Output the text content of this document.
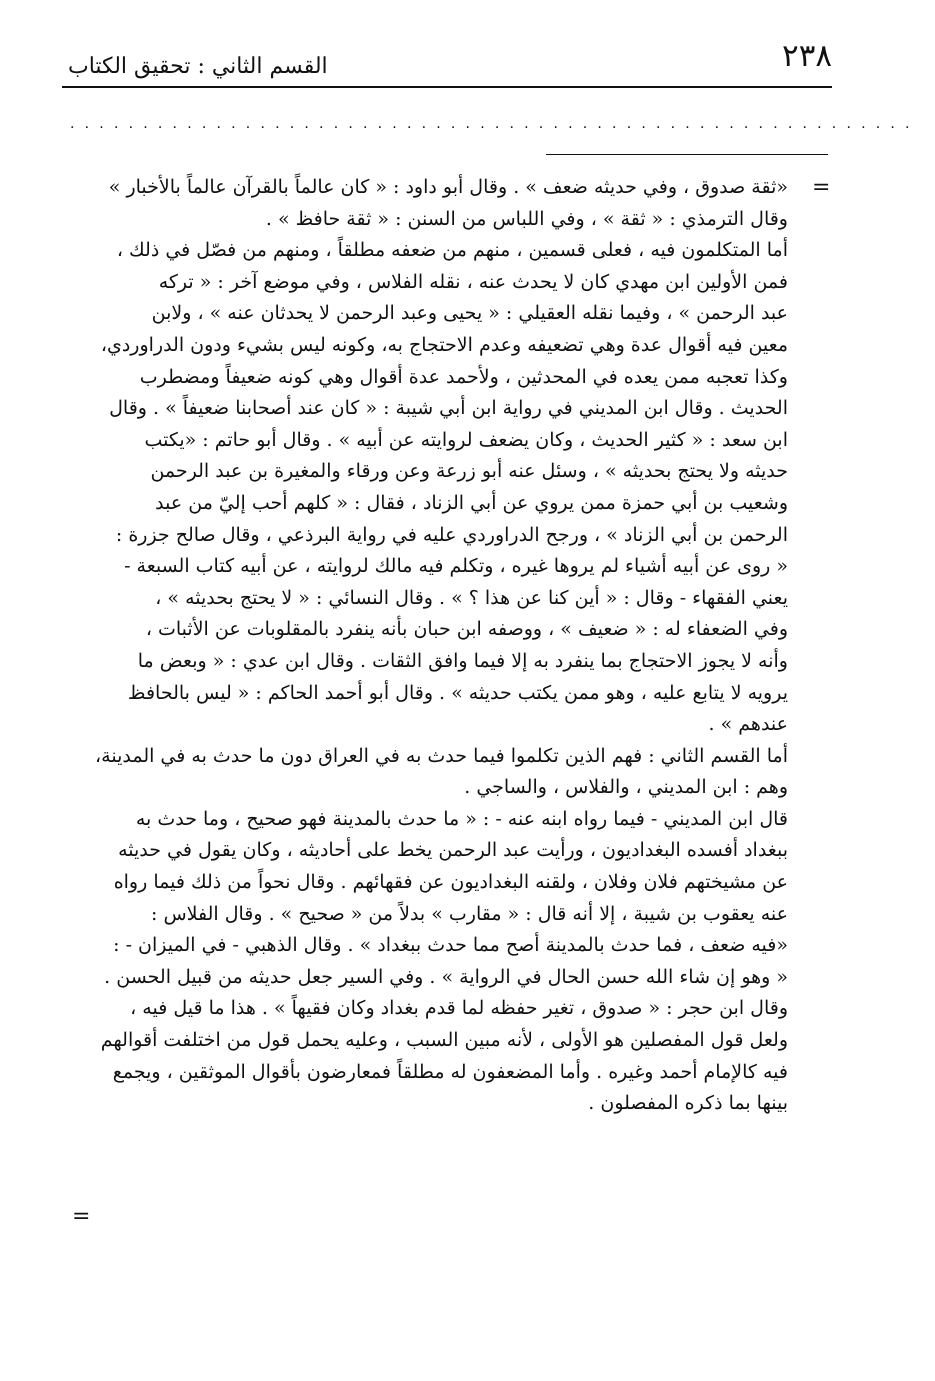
٢٣٨
القسم الثاني : تحقيق الكتاب
..........................................................
=
«ثقة صدوق ، وفي حديثه ضعف » . وقال أبو داود : « كان عالماً بالقرآن عالماً بالأخبار »
وقال الترمذي : « ثقة » ، وفي اللباس من السنن : « ثقة حافظ » .
أما المتكلمون فيه ، فعلى قسمين ، منهم من ضعفه مطلقاً ، ومنهم من فصّل في ذلك ،
فمن الأولين ابن مهدي كان لا يحدث عنه ، نقله الفلاس ، وفي موضع آخر : « تركه
عبد الرحمن » ، وفيما نقله العقيلي : « يحيى وعبد الرحمن لا يحدثان عنه » ، ولابن
معين فيه أقوال عدة وهي تضعيفه وعدم الاحتجاج به، وكونه ليس بشيء ودون الدراوردي،
وكذا تعجبه ممن يعده في المحدثين ، ولأحمد عدة أقوال وهي كونه ضعيفاً ومضطرب
الحديث . وقال ابن المديني في رواية ابن أبي شيبة : « كان عند أصحابنا ضعيفاً » . وقال
ابن سعد : « كثير الحديث ، وكان يضعف لروايته عن أبيه » . وقال أبو حاتم : «يكتب
حديثه ولا يحتج بحديثه » ، وسئل عنه أبو زرعة وعن ورقاء والمغيرة بن عبد الرحمن
وشعيب بن أبي حمزة ممن يروي عن أبي الزناد ، فقال : « كلهم أحب إليّ من عبد
الرحمن بن أبي الزناد » ، ورجح الدراوردي عليه في رواية البرذعي ، وقال صالح جزرة :
« روى عن أبيه أشياء لم يروها غيره ، وتكلم فيه مالك لروايته ، عن أبيه كتاب السبعة -
يعني الفقهاء - وقال : « أين كنا عن هذا ؟ » . وقال النسائي : « لا يحتج بحديثه » ،
وفي الضعفاء له : « ضعيف » ، ووصفه ابن حبان بأنه ينفرد بالمقلوبات عن الأثبات ،
وأنه لا يجوز الاحتجاج بما ينفرد به إلا فيما وافق الثقات . وقال ابن عدي : « وبعض ما
يرويه لا يتابع عليه ، وهو ممن يكتب حديثه » . وقال أبو أحمد الحاكم : « ليس بالحافظ
عندهم » .
أما القسم الثاني : فهم الذين تكلموا فيما حدث به في العراق دون ما حدث به في المدينة،
وهم : ابن المديني ، والفلاس ، والساجي .
قال ابن المديني - فيما رواه ابنه عنه - : « ما حدث بالمدينة فهو صحيح ، وما حدث به
ببغداد أفسده البغداديون ، ورأيت عبد الرحمن يخط على أحاديثه ، وكان يقول في حديثه
عن مشيختهم فلان وفلان ، ولقنه البغداديون عن فقهائهم . وقال نحواً من ذلك فيما رواه
عنه يعقوب بن شيبة ، إلا أنه قال : « مقارب » بدلاً من « صحيح » . وقال الفلاس :
«فيه ضعف ، فما حدث بالمدينة أصح مما حدث ببغداد » . وقال الذهبي - في الميزان - :
« وهو إن شاء الله حسن الحال في الرواية » . وفي السير جعل حديثه من قبيل الحسن .
وقال ابن حجر : « صدوق ، تغير حفظه لما قدم بغداد وكان فقيهاً » . هذا ما قيل فيه ،
ولعل قول المفصلين هو الأولى ، لأنه مبين السبب ، وعليه يحمل قول من اختلفت أقوالهم
فيه كالإمام أحمد وغيره . وأما المضعفون له مطلقاً فمعارضون بأقوال الموثقين ، ويجمع
بينها بما ذكره المفصلون .
=
